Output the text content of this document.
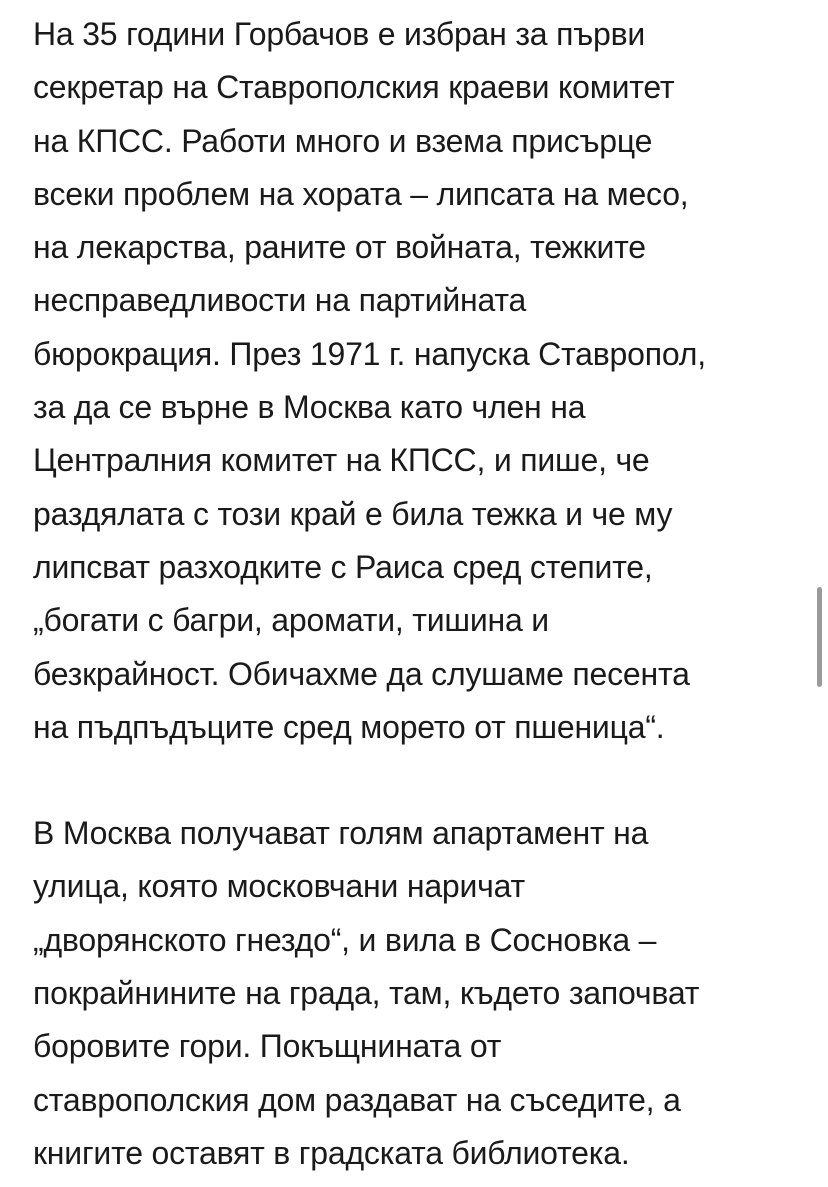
На 35 години Горбачов е избран за първи
секретар на Ставрополския краеви комитет
на КПСС. Работи много и взема присърце
всеки проблем на хората – липсата на месо,
на лекарства, раните от войната, тежките
несправедливости на партийната
бюрокрация. През 1971 г. напуска Ставропол,
за да се върне в Москва като член на
Централния комитет на КПСС, и пише, че
раздялата с този край е била тежка и че му
липсват разходките с Раиса сред степите,
„богати с багри, аромати, тишина и
безкрайност. Обичахме да слушаме песента
на пъдпъдъците сред морето от пшеница“.

В Москва получават голям апартамент на
улица, която московчани наричат
„дворянското гнездо“, и вила в Сосновка –
покрайнините на града, там, където започват
боровите гори. Покъщнината от
ставрополския дом раздават на съседите, а
книгите оставят в градската библиотека.
